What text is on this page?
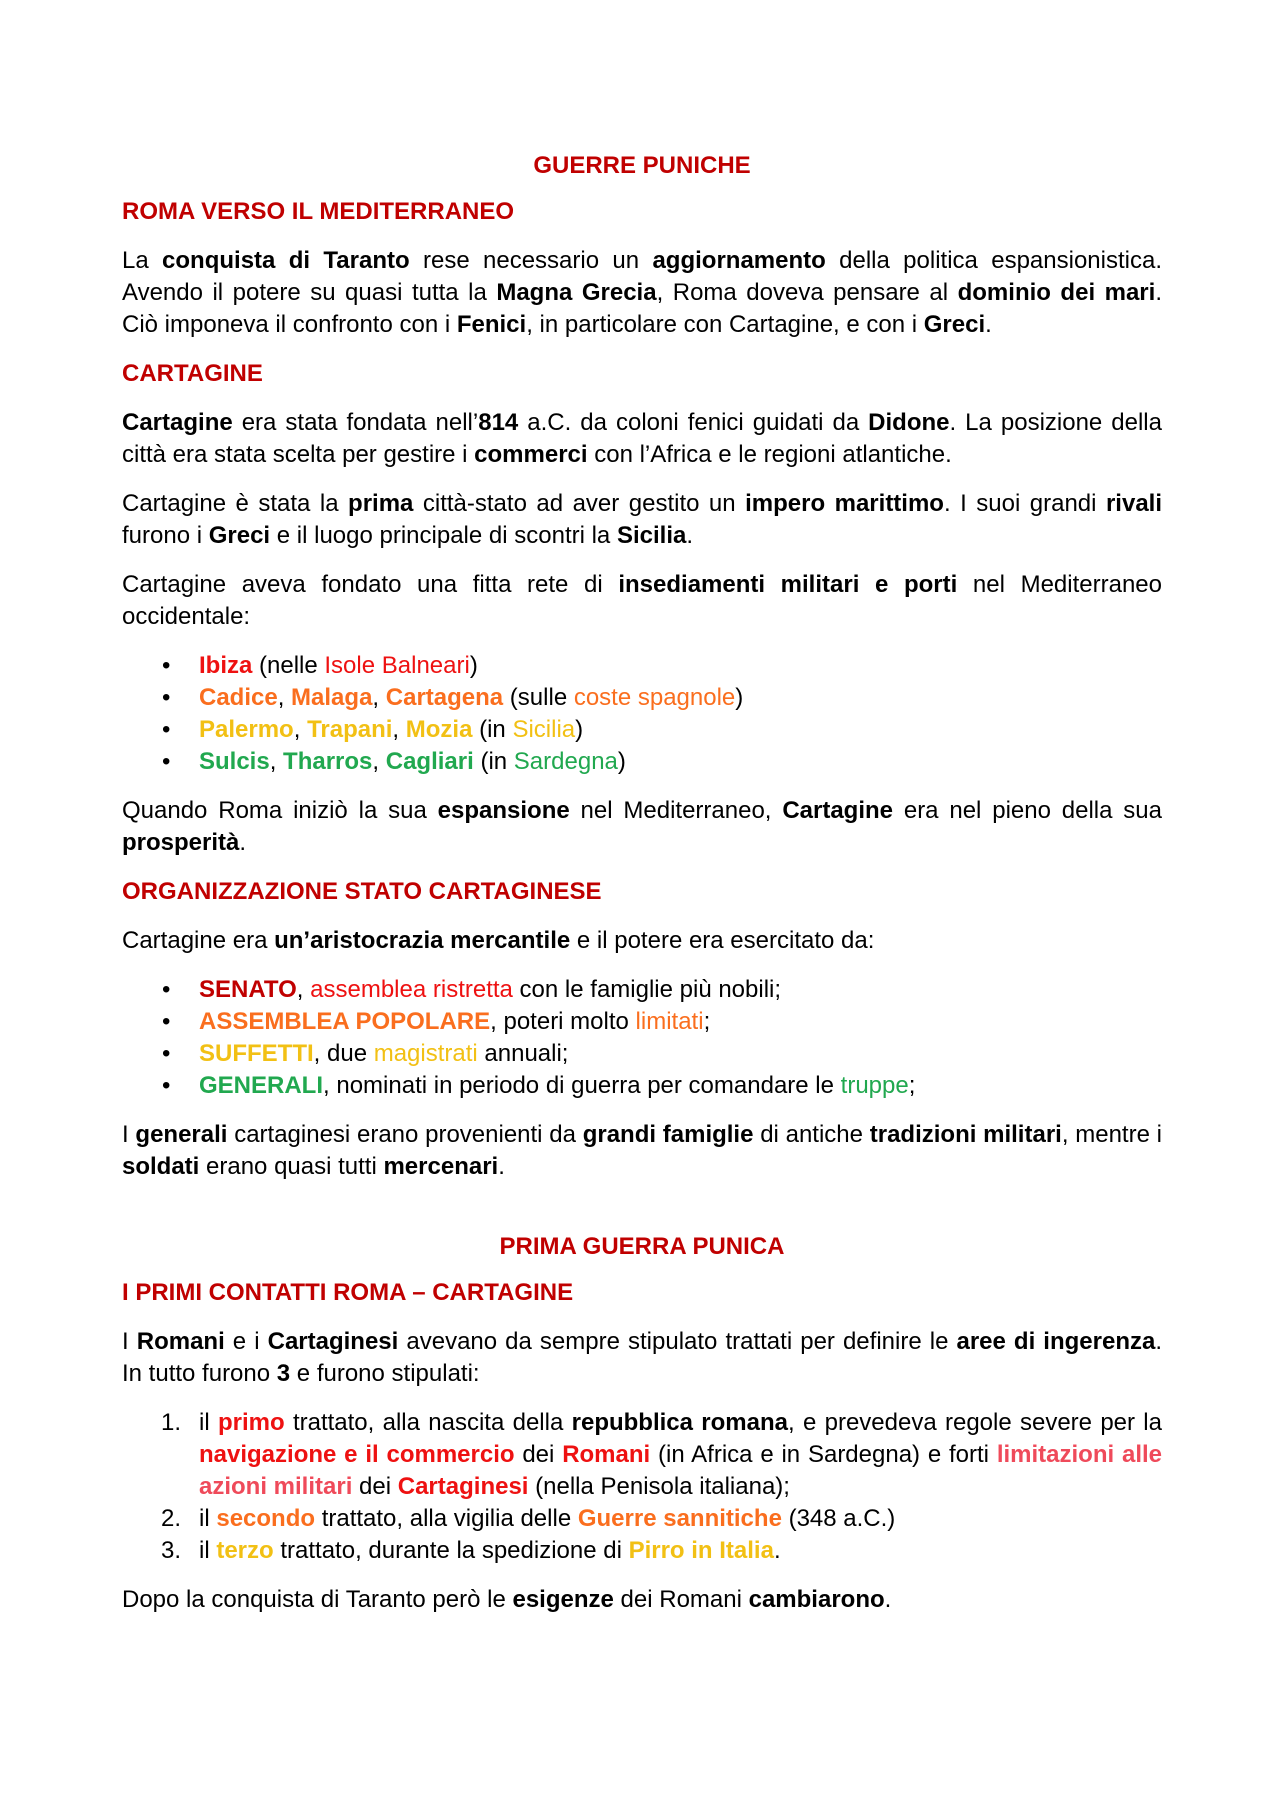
GUERRE PUNICHE
ROMA VERSO IL MEDITERRANEO
La conquista di Taranto rese necessario un aggiornamento della politica espansionistica. Avendo il potere su quasi tutta la Magna Grecia, Roma doveva pensare al dominio dei mari. Ciò imponeva il confronto con i Fenici, in particolare con Cartagine, e con i Greci.
CARTAGINE
Cartagine era stata fondata nell’814 a.C. da coloni fenici guidati da Didone. La posizione della città era stata scelta per gestire i commerci con l’Africa e le regioni atlantiche.
Cartagine è stata la prima città-stato ad aver gestito un impero marittimo. I suoi grandi rivali furono i Greci e il luogo principale di scontri la Sicilia.
Cartagine aveva fondato una fitta rete di insediamenti militari e porti nel Mediterraneo occidentale:
• Ibiza (nelle Isole Balneari)
• Cadice, Malaga, Cartagena (sulle coste spagnole)
• Palermo, Trapani, Mozia (in Sicilia)
• Sulcis, Tharros, Cagliari (in Sardegna)
Quando Roma iniziò la sua espansione nel Mediterraneo, Cartagine era nel pieno della sua prosperità.
ORGANIZZAZIONE STATO CARTAGINESE
Cartagine era un’aristocrazia mercantile e il potere era esercitato da:
• SENATO, assemblea ristretta con le famiglie più nobili;
• ASSEMBLEA POPOLARE, poteri molto limitati;
• SUFFETTI, due magistrati annuali;
• GENERALI, nominati in periodo di guerra per comandare le truppe;
I generali cartaginesi erano provenienti da grandi famiglie di antiche tradizioni militari, mentre i soldati erano quasi tutti mercenari.
PRIMA GUERRA PUNICA
I PRIMI CONTATTI ROMA – CARTAGINE
I Romani e i Cartaginesi avevano da sempre stipulato trattati per definire le aree di ingerenza. In tutto furono 3 e furono stipulati:
1. il primo trattato, alla nascita della repubblica romana, e prevedeva regole severe per la navigazione e il commercio dei Romani (in Africa e in Sardegna) e forti limitazioni alle azioni militari dei Cartaginesi (nella Penisola italiana);
2. il secondo trattato, alla vigilia delle Guerre sannitiche (348 a.C.)
3. il terzo trattato, durante la spedizione di Pirro in Italia.
Dopo la conquista di Taranto però le esigenze dei Romani cambiarono.
